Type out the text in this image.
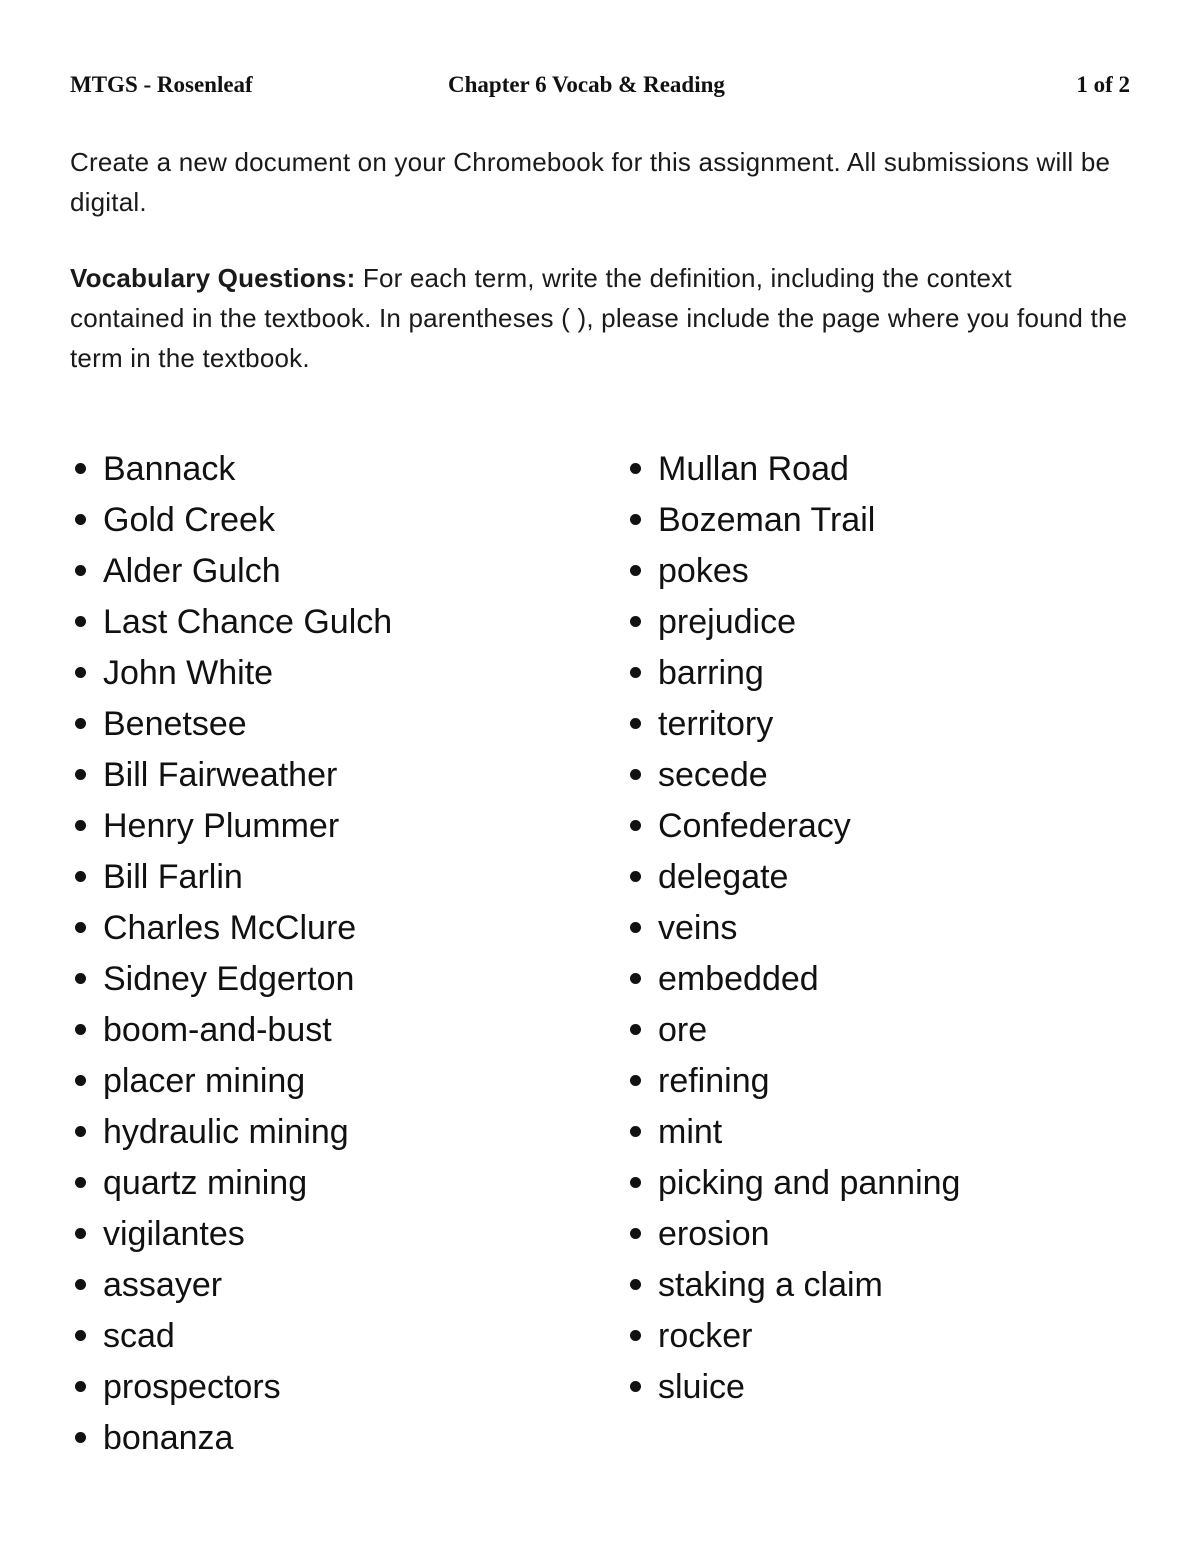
MTGS - Rosenleaf	Chapter 6 Vocab & Reading	1 of 2

Create a new document on your Chromebook for this assignment. All submissions will be digital.

Vocabulary Questions: For each term, write the definition, including the context contained in the textbook. In parentheses ( ), please include the page where you found the term in the textbook.

Bannack
Gold Creek
Alder Gulch
Last Chance Gulch
John White
Benetsee
Bill Fairweather
Henry Plummer
Bill Farlin
Charles McClure
Sidney Edgerton
boom-and-bust
placer mining
hydraulic mining
quartz mining
vigilantes
assayer
scad
prospectors
bonanza
Mullan Road
Bozeman Trail
pokes
prejudice
barring
territory
secede
Confederacy
delegate
veins
embedded
ore
refining
mint
picking and panning
erosion
staking a claim
rocker
sluice
